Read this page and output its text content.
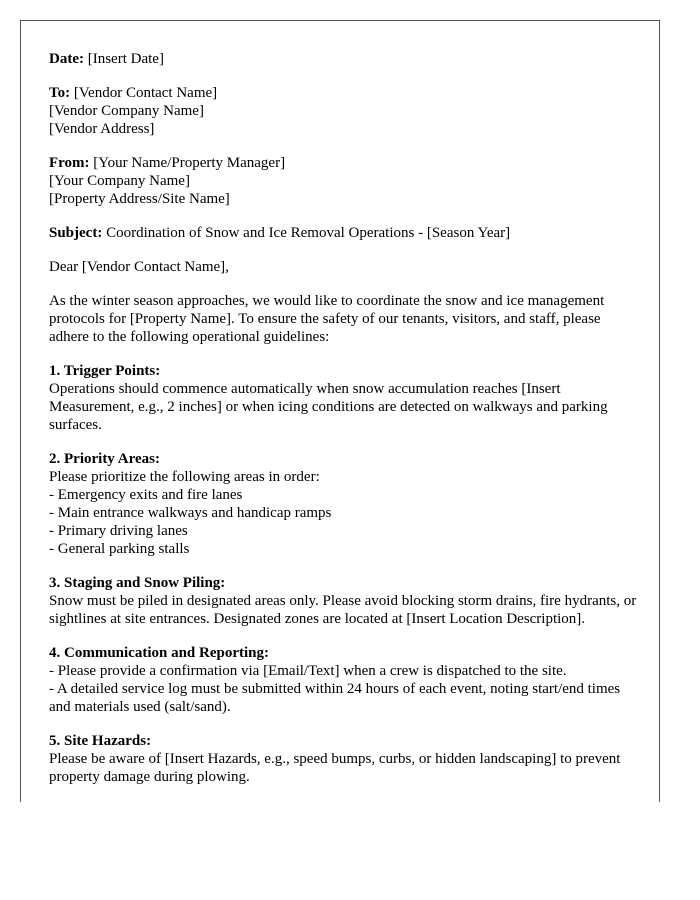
Date: [Insert Date]
To: [Vendor Contact Name]
[Vendor Company Name]
[Vendor Address]
From: [Your Name/Property Manager]
[Your Company Name]
[Property Address/Site Name]
Subject: Coordination of Snow and Ice Removal Operations - [Season Year]
Dear [Vendor Contact Name],
As the winter season approaches, we would like to coordinate the snow and ice management protocols for [Property Name]. To ensure the safety of our tenants, visitors, and staff, please adhere to the following operational guidelines:
1. Trigger Points:
Operations should commence automatically when snow accumulation reaches [Insert Measurement, e.g., 2 inches] or when icing conditions are detected on walkways and parking surfaces.
2. Priority Areas:
Please prioritize the following areas in order:
- Emergency exits and fire lanes
- Main entrance walkways and handicap ramps
- Primary driving lanes
- General parking stalls
3. Staging and Snow Piling:
Snow must be piled in designated areas only. Please avoid blocking storm drains, fire hydrants, or sightlines at site entrances. Designated zones are located at [Insert Location Description].
4. Communication and Reporting:
- Please provide a confirmation via [Email/Text] when a crew is dispatched to the site.
- A detailed service log must be submitted within 24 hours of each event, noting start/end times and materials used (salt/sand).
5. Site Hazards:
Please be aware of [Insert Hazards, e.g., speed bumps, curbs, or hidden landscaping] to prevent property damage during plowing.
